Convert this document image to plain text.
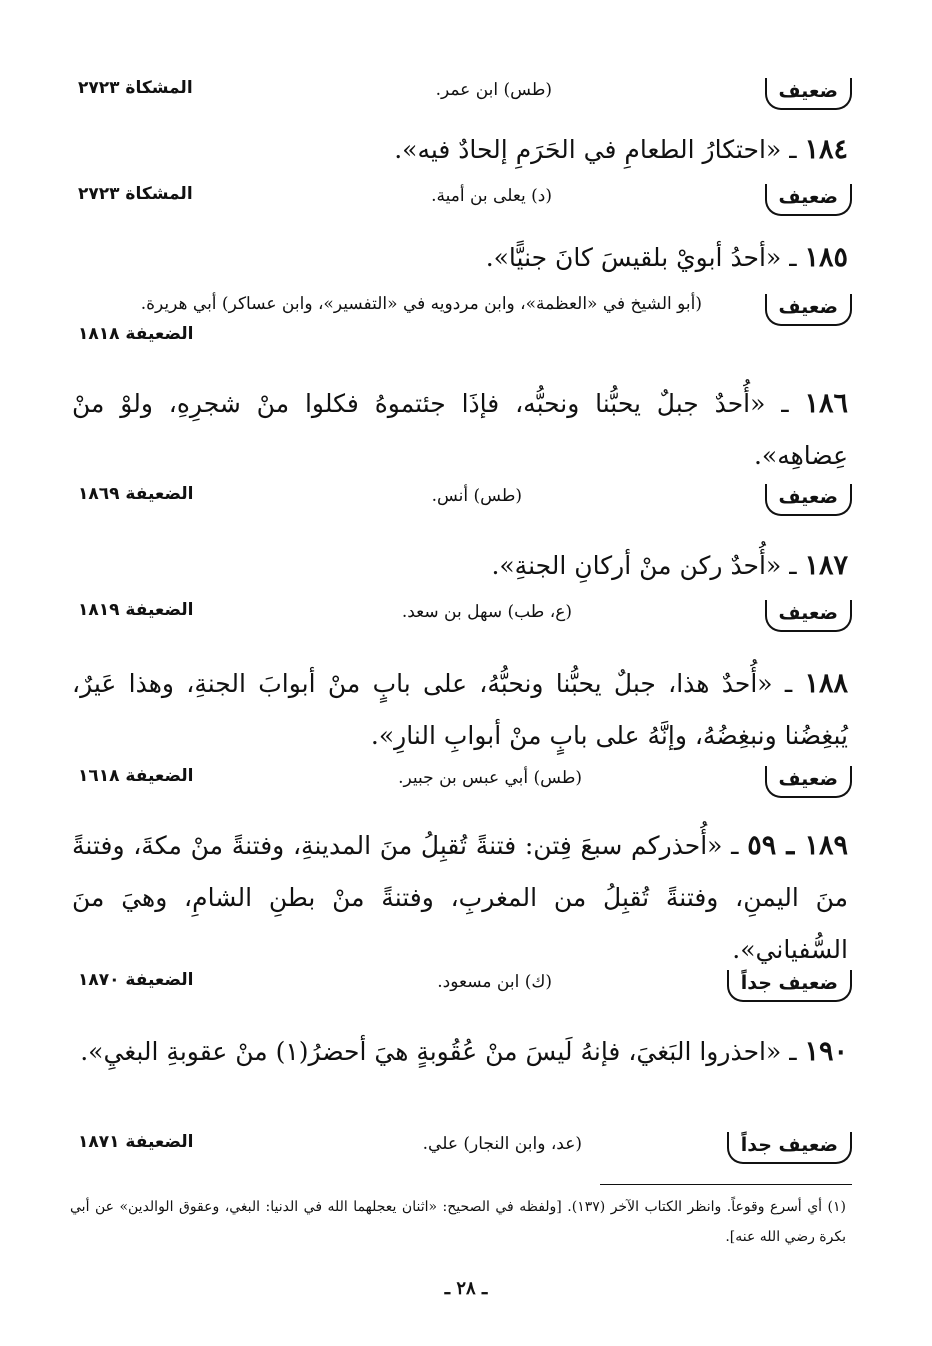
ضعيف
(طس) ابن عمر.
المشكاة ٢٧٢٣
١٨٤ ـ «احتكارُ الطعامِ في الحَرَمِ إلحادٌ فيه».
ضعيف
(د) يعلى بن أمية.
المشكاة ٢٧٢٣
١٨٥ ـ «أحدُ أبويْ بلقيسَ كانَ جنيًّا».
ضعيف
(أبو الشيخ في «العظمة»، وابن مردويه في «التفسير»، وابن عساكر) أبي هريرة.
الضعيفة ١٨١٨
١٨٦ ـ «أُحدٌ جبلٌ يحبُّنا ونحبُّه، فإذَا جئتموهُ فكلوا منْ شجرِهِ، ولوْ منْ عِضاهِه».
ضعيف
(طس) أنس.
الضعيفة ١٨٦٩
١٨٧ ـ «أُحدٌ ركن منْ أركانِ الجنةِ».
ضعيف
(ع، طب) سهل بن سعد.
الضعيفة ١٨١٩
١٨٨ ـ «أُحدٌ هذا، جبلٌ يحبُّنا ونحبُّهُ، على بابٍ منْ أبوابَ الجنةِ، وهذا عَيرٌ، يُبغِضُنا ونبغِضُهُ، وإنَّهُ على بابٍ منْ أبوابِ النارِ».
ضعيف
(طس) أبي عبس بن جبير.
الضعيفة ١٦١٨
١٨٩ ـ ٥٩ ـ «أُحذركم سبعَ فِتن: فتنةً تُقبِلُ منَ المدينةِ، وفتنةً منْ مكةَ، وفتنةً منَ اليمنِ، وفتنةً تُقبِلُ من المغربِ، وفتنةً منْ بطنِ الشامِ، وهيَ منَ السُّفياني».
ضعيف جداً
(ك) ابن مسعود.
الضعيفة ١٨٧٠
١٩٠ ـ «احذروا البَغيَ، فإنهُ لَيسَ منْ عُقُوبةٍ هيَ أحضرُ(١) منْ عقوبةِ البغيِ».
ضعيف جداً
(عد، وابن النجار) علي.
الضعيفة ١٨٧١
(١) أي أسرع وقوعاً. وانظر الكتاب الآخر (١٣٧). [ولفظه في الصحيح: «اثنان يعجلهما الله في الدنيا: البغي، وعقوق الوالدين» عن أبي بكرة رضي الله عنه].
ـ ٢٨ ـ
